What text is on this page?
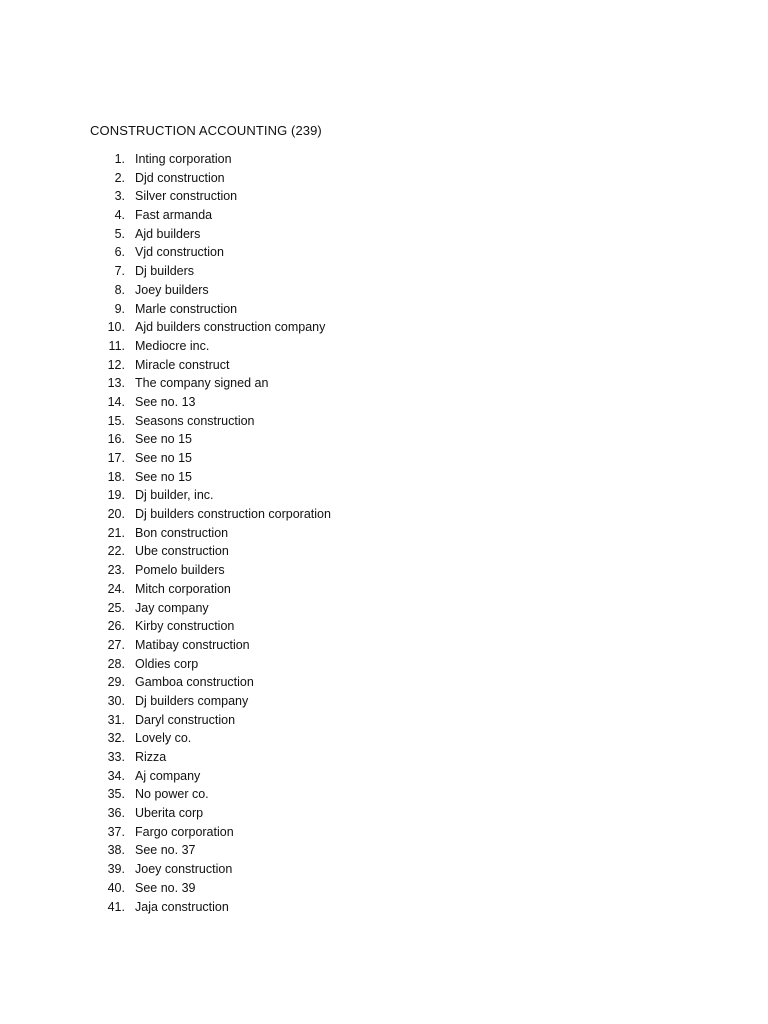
CONSTRUCTION ACCOUNTING (239)
1. Inting corporation
2. Djd construction
3. Silver construction
4. Fast armanda
5. Ajd builders
6. Vjd construction
7. Dj builders
8. Joey builders
9. Marle construction
10. Ajd builders construction company
11. Mediocre inc.
12. Miracle construct
13. The company signed an
14. See no. 13
15. Seasons construction
16. See no 15
17. See no 15
18. See no 15
19. Dj builder, inc.
20. Dj builders construction corporation
21. Bon construction
22. Ube construction
23. Pomelo builders
24. Mitch corporation
25. Jay company
26. Kirby construction
27. Matibay construction
28. Oldies corp
29. Gamboa construction
30. Dj builders company
31. Daryl construction
32. Lovely co.
33. Rizza
34. Aj company
35. No power co.
36. Uberita corp
37. Fargo corporation
38. See no. 37
39. Joey construction
40. See no. 39
41. Jaja construction
